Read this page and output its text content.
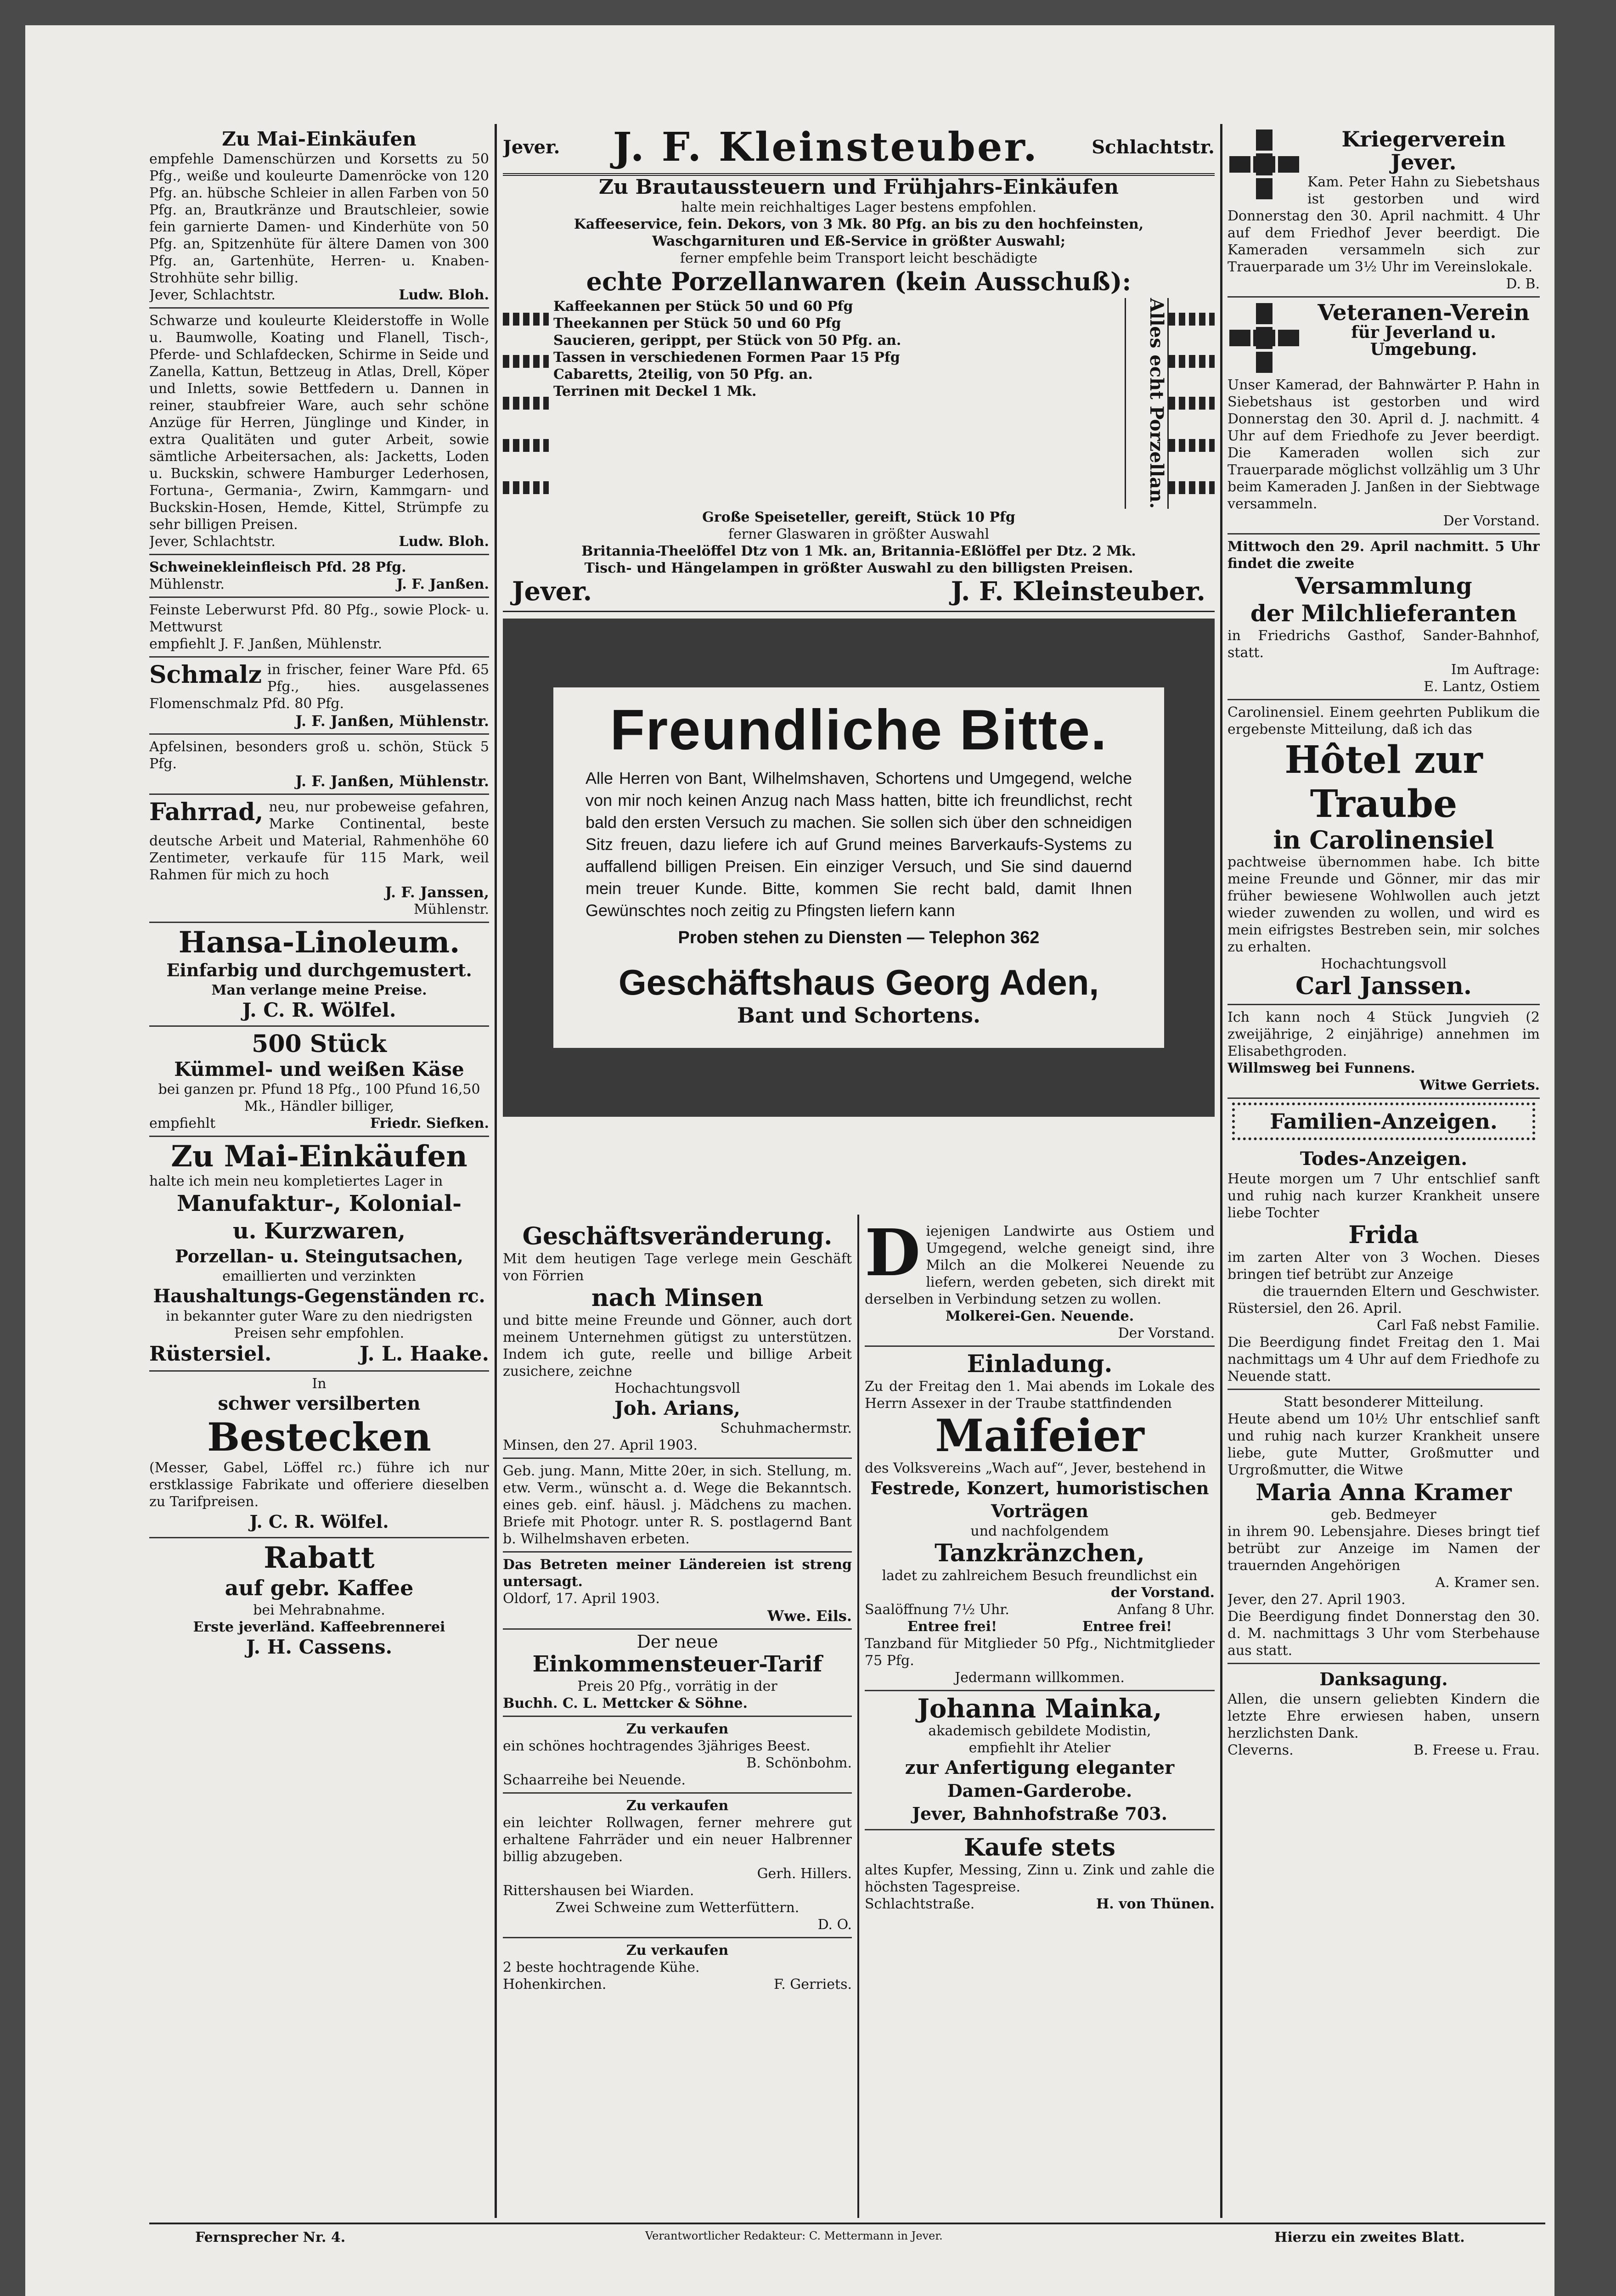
Zu Mai-Einkäufen

empfehle Damenschürzen und Korsetts zu 50 Pfg., weiße und kouleurte Damenröcke von 120 Pfg. an. hübsche Schleier in allen Farben von 50 Pfg. an, Brautkränze und Brautschleier, sowie fein garnierte Damen- und Kinderhüte von 50 Pfg. an, Spitzenhüte für ältere Damen von 300 Pfg. an, Gartenhüte, Herren- u. Knaben-Strohhüte sehr billig.

Jever, Schlachtstr.	Ludw. Bloh.

Schwarze und kouleurte Kleiderstoffe in Wolle u. Baumwolle, Koating und Flanell, Tisch-, Pferde- und Schlafdecken, Schirme in Seide und Zanella, Kattun, Bettzeug in Atlas, Drell, Köper und Inletts, sowie Bettfedern u. Dannen in reiner, staubfreier Ware, auch sehr schöne Anzüge für Herren, Jünglinge und Kinder, in extra Qualitäten und guter Arbeit, sowie sämtliche Arbeitersachen, als: Jacketts, Loden u. Buckskin, schwere Hamburger Lederhosen, Fortuna-, Germania-, Zwirn, Kammgarn- und Buckskin-Hosen, Hemde, Kittel, Strümpfe zu sehr billigen Preisen.

Jever, Schlachtstr.	Ludw. Bloh.

Schweinekleinfleisch Pfd. 28 Pfg.

Mühlenstr.	J. F. Janßen.

Feinste Leberwurst Pfd. 80 Pfg., sowie Plock- u. Mettwurst

empfiehlt J. F. Janßen, Mühlenstr.

Schmalz in frischer, feiner Ware Pfd. 65 Pfg., hies. ausgelassenes Flomenschmalz Pfd. 80 Pfg.

J. F. Janßen, Mühlenstr.

Apfelsinen, besonders groß u. schön, Stück 5 Pfg.

J. F. Janßen, Mühlenstr.
Fahrrad, neu, nur probeweise gefahren, Marke Continental, beste deutsche Arbeit und Material, Rahmenhöhe 60 Zentimeter, verkaufe für 115 Mark, weil Rahmen für mich zu hoch

J. F. Janssen,
Mühlenstr.
Hansa-Linoleum.
Einfarbig und durchgemustert.
Man verlange meine Preise.
J. C. R. Wölfel.
500 Stück
Kümmel- und weißen Käse

bei ganzen pr. Pfund 18 Pfg., 100 Pfund 16,50 Mk., Händler billiger,

empfiehlt	Friedr. Siefken.
Zu Mai-Einkäufen

halte ich mein neu kompletiertes Lager in

Manufaktur-, Kolonial-
u. Kurzwaren,
Porzellan- u. Steingutsachen,
emaillierten und verzinkten
Haushaltungs-Gegenständen rc.

in bekannter guter Ware zu den niedrigsten Preisen sehr empfohlen.

Rüstersiel.	J. L. Haake.
In
schwer versilberten
Bestecken

(Messer, Gabel, Löffel rc.) führe ich nur erstklassige Fabrikate und offeriere dieselben zu Tarifpreisen.

J. C. R. Wölfel.
Rabatt
auf gebr. Kaffee
bei Mehrabnahme.
Erste jeverländ. Kaffeebrennerei
J. H. Cassens.
Jever. J. F. Kleinsteuber.	Schlachtstr.
Zu Brautaussteuern und Frühjahrs-Einkäufen
halte mein reichhaltiges Lager bestens empfohlen.
Kaffeeservice, fein. Dekors, von 3 Mk. 80 Pfg. an bis zu den hochfeinsten,
Waschgarnituren und Eß-Service in größter Auswahl;
ferner empfehle beim Transport leicht beschädigte
echte Porzellanwaren (kein Ausschuß):
Kaffeekannen per Stück 50 und 60 Pfg
Theekannen per Stück 50 und 60 Pfg
Saucieren, gerippt, per Stück von 50 Pfg. an.
Tassen in verschiedenen Formen Paar 15 Pfg
Cabaretts, 2teilig, von 50 Pfg. an.
Terrinen mit Deckel 1 Mk.	Alles echt Porzellan.
Große Speiseteller, gereift, Stück 10 Pfg
ferner Glaswaren in größter Auswahl
Britannia-Theelöffel Dtz von 1 Mk. an, Britannia-Eßlöffel per Dtz. 2 Mk.
Tisch- und Hängelampen in größter Auswahl zu den billigsten Preisen.
Jever.	J. F. Kleinsteuber.
Freundliche Bitte.

Alle Herren von Bant, Wilhelmshaven, Schortens und Umgegend, welche von mir noch keinen Anzug nach Mass hatten, bitte ich freundlichst, recht bald den ersten Versuch zu machen. Sie sollen sich über den schneidigen Sitz freuen, dazu liefere ich auf Grund meines Barverkaufs-Systems zu auffallend billigen Preisen. Ein einziger Versuch, und Sie sind dauernd mein treuer Kunde. Bitte, kommen Sie recht bald, damit Ihnen Gewünschtes noch zeitig zu Pfingsten liefern kann

Proben stehen zu Diensten — Telephon 362
Geschäftshaus Georg Aden,
Bant und Schortens.
Geschäftsveränderung.

Mit dem heutigen Tage verlege mein Geschäft von Förrien

nach Minsen

und bitte meine Freunde und Gönner, auch dort meinem Unternehmen gütigst zu unterstützen. Indem ich gute, reelle und billige Arbeit zusichere, zeichne

Hochachtungsvoll
Joh. Arians,
Schuhmachermstr.
Minsen, den 27. April 1903.

Geb. jung. Mann, Mitte 20er, in sich. Stellung, m. etw. Verm., wünscht a. d. Wege die Bekanntsch. eines geb. einf. häusl. j. Mädchens zu machen. Briefe mit Photogr. unter R. S. postlagernd Bant b. Wilhelmshaven erbeten.

Das Betreten meiner Ländereien ist streng untersagt.

Oldorf, 17. April 1903.
Wwe. Eils.
Der neue
Einkommensteuer-Tarif

Preis 20 Pfg., vorrätig in der

Buchh. C. L. Mettcker & Söhne.
Zu verkaufen

ein schönes hochtragendes 3jähriges Beest.

B. Schönbohm.
Schaarreihe bei Neuende.
Zu verkaufen

ein leichter Rollwagen, ferner mehrere gut erhaltene Fahrräder und ein neuer Halbrenner billig abzugeben.

Gerh. Hillers.
Rittershausen bei Wiarden.
Zwei Schweine zum Wetterfüttern.
D. O.
Zu verkaufen

2 beste hochtragende Kühe.

Hohenkirchen.	F. Gerriets.
D iejenigen Landwirte aus Ostiem und Umgegend, welche geneigt sind, ihre Milch an die Molkerei Neuende zu liefern, werden gebeten, sich direkt mit derselben in Verbindung setzen zu wollen.

Molkerei-Gen. Neuende.
Der Vorstand.
Einladung.

Zu der Freitag den 1. Mai abends im Lokale des Herrn Assexer in der Traube stattfindenden

Maifeier

des Volksvereins „Wach auf“, Jever, bestehend in

Festrede, Konzert, humoristischen Vorträgen
und nachfolgendem
Tanzkränzchen,
ladet zu zahlreichem Besuch freundlichst ein
der Vorstand.
Saalöffnung 7½ Uhr.	Anfang 8 Uhr.
Entree frei!	Entree frei!

Tanzband für Mitglieder 50 Pfg., Nichtmitglieder 75 Pfg.

Jedermann willkommen.
Johanna Mainka,
akademisch gebildete Modistin,
empfiehlt ihr Atelier
zur Anfertigung eleganter
Damen-Garderobe.
Jever, Bahnhofstraße 703.
Kaufe stets

altes Kupfer, Messing, Zinn u. Zink und zahle die höchsten Tagespreise.

Schlachtstraße.	H. von Thünen.
Kriegerverein Jever.

Kam. Peter Hahn zu Siebetshaus ist gestorben und wird Donnerstag den 30. April nachmitt. 4 Uhr auf dem Friedhof Jever beerdigt. Die Kameraden versammeln sich zur Trauerparade um 3½ Uhr im Vereinslokale.

D. B.
Veteranen-Verein
für Jeverland u. Umgebung.

Unser Kamerad, der Bahnwärter P. Hahn in Siebetshaus ist gestorben und wird Donnerstag den 30. April d. J. nachmitt. 4 Uhr auf dem Friedhofe zu Jever beerdigt. Die Kameraden wollen sich zur Trauerparade möglichst vollzählig um 3 Uhr beim Kameraden J. Janßen in der Siebtwage versammeln.

Der Vorstand.

Mittwoch den 29. April nachmitt. 5 Uhr findet die zweite

Versammlung
der Milchlieferanten

in Friedrichs Gasthof, Sander-Bahnhof, statt.

Im Auftrage:
E. Lantz, Ostiem

Carolinensiel. Einem geehrten Publikum die ergebenste Mitteilung, daß ich das

Hôtel zur Traube
in Carolinensiel

pachtweise übernommen habe. Ich bitte meine Freunde und Gönner, mir das mir früher bewiesene Wohlwollen auch jetzt wieder zuwenden zu wollen, und wird es mein eifrigstes Bestreben sein, mir solches zu erhalten.

Hochachtungsvoll
Carl Janssen.

Ich kann noch 4 Stück Jungvieh (2 zweijährige, 2 einjährige) annehmen im Elisabethgroden.

Willmsweg bei Funnens.
Witwe Gerriets.
Familien-Anzeigen.
Todes-Anzeigen.

Heute morgen um 7 Uhr entschlief sanft und ruhig nach kurzer Krankheit unsere liebe Tochter

Frida

im zarten Alter von 3 Wochen. Dieses bringen tief betrübt zur Anzeige

die trauernden Eltern und Geschwister.
Rüstersiel, den 26. April.
Carl Faß nebst Familie.

Die Beerdigung findet Freitag den 1. Mai nachmittags um 4 Uhr auf dem Friedhofe zu Neuende statt.

Statt besonderer Mitteilung.

Heute abend um 10½ Uhr entschlief sanft und ruhig nach kurzer Krankheit unsere liebe, gute Mutter, Großmutter und Urgroßmutter, die Witwe

Maria Anna Kramer
geb. Bedmeyer

in ihrem 90. Lebensjahre. Dieses bringt tief betrübt zur Anzeige im Namen der trauernden Angehörigen

A. Kramer sen.
Jever, den 27. April 1903.

Die Beerdigung findet Donnerstag den 30. d. M. nachmittags 3 Uhr vom Sterbehause aus statt.

Danksagung.

Allen, die unsern geliebten Kindern die letzte Ehre erwiesen haben, unsern herzlichsten Dank.

Cleverns.	B. Freese u. Frau.
Fernsprecher Nr. 4.	Verantwortlicher Redakteur: C. Mettermann in Jever.	Hierzu ein zweites Blatt.
